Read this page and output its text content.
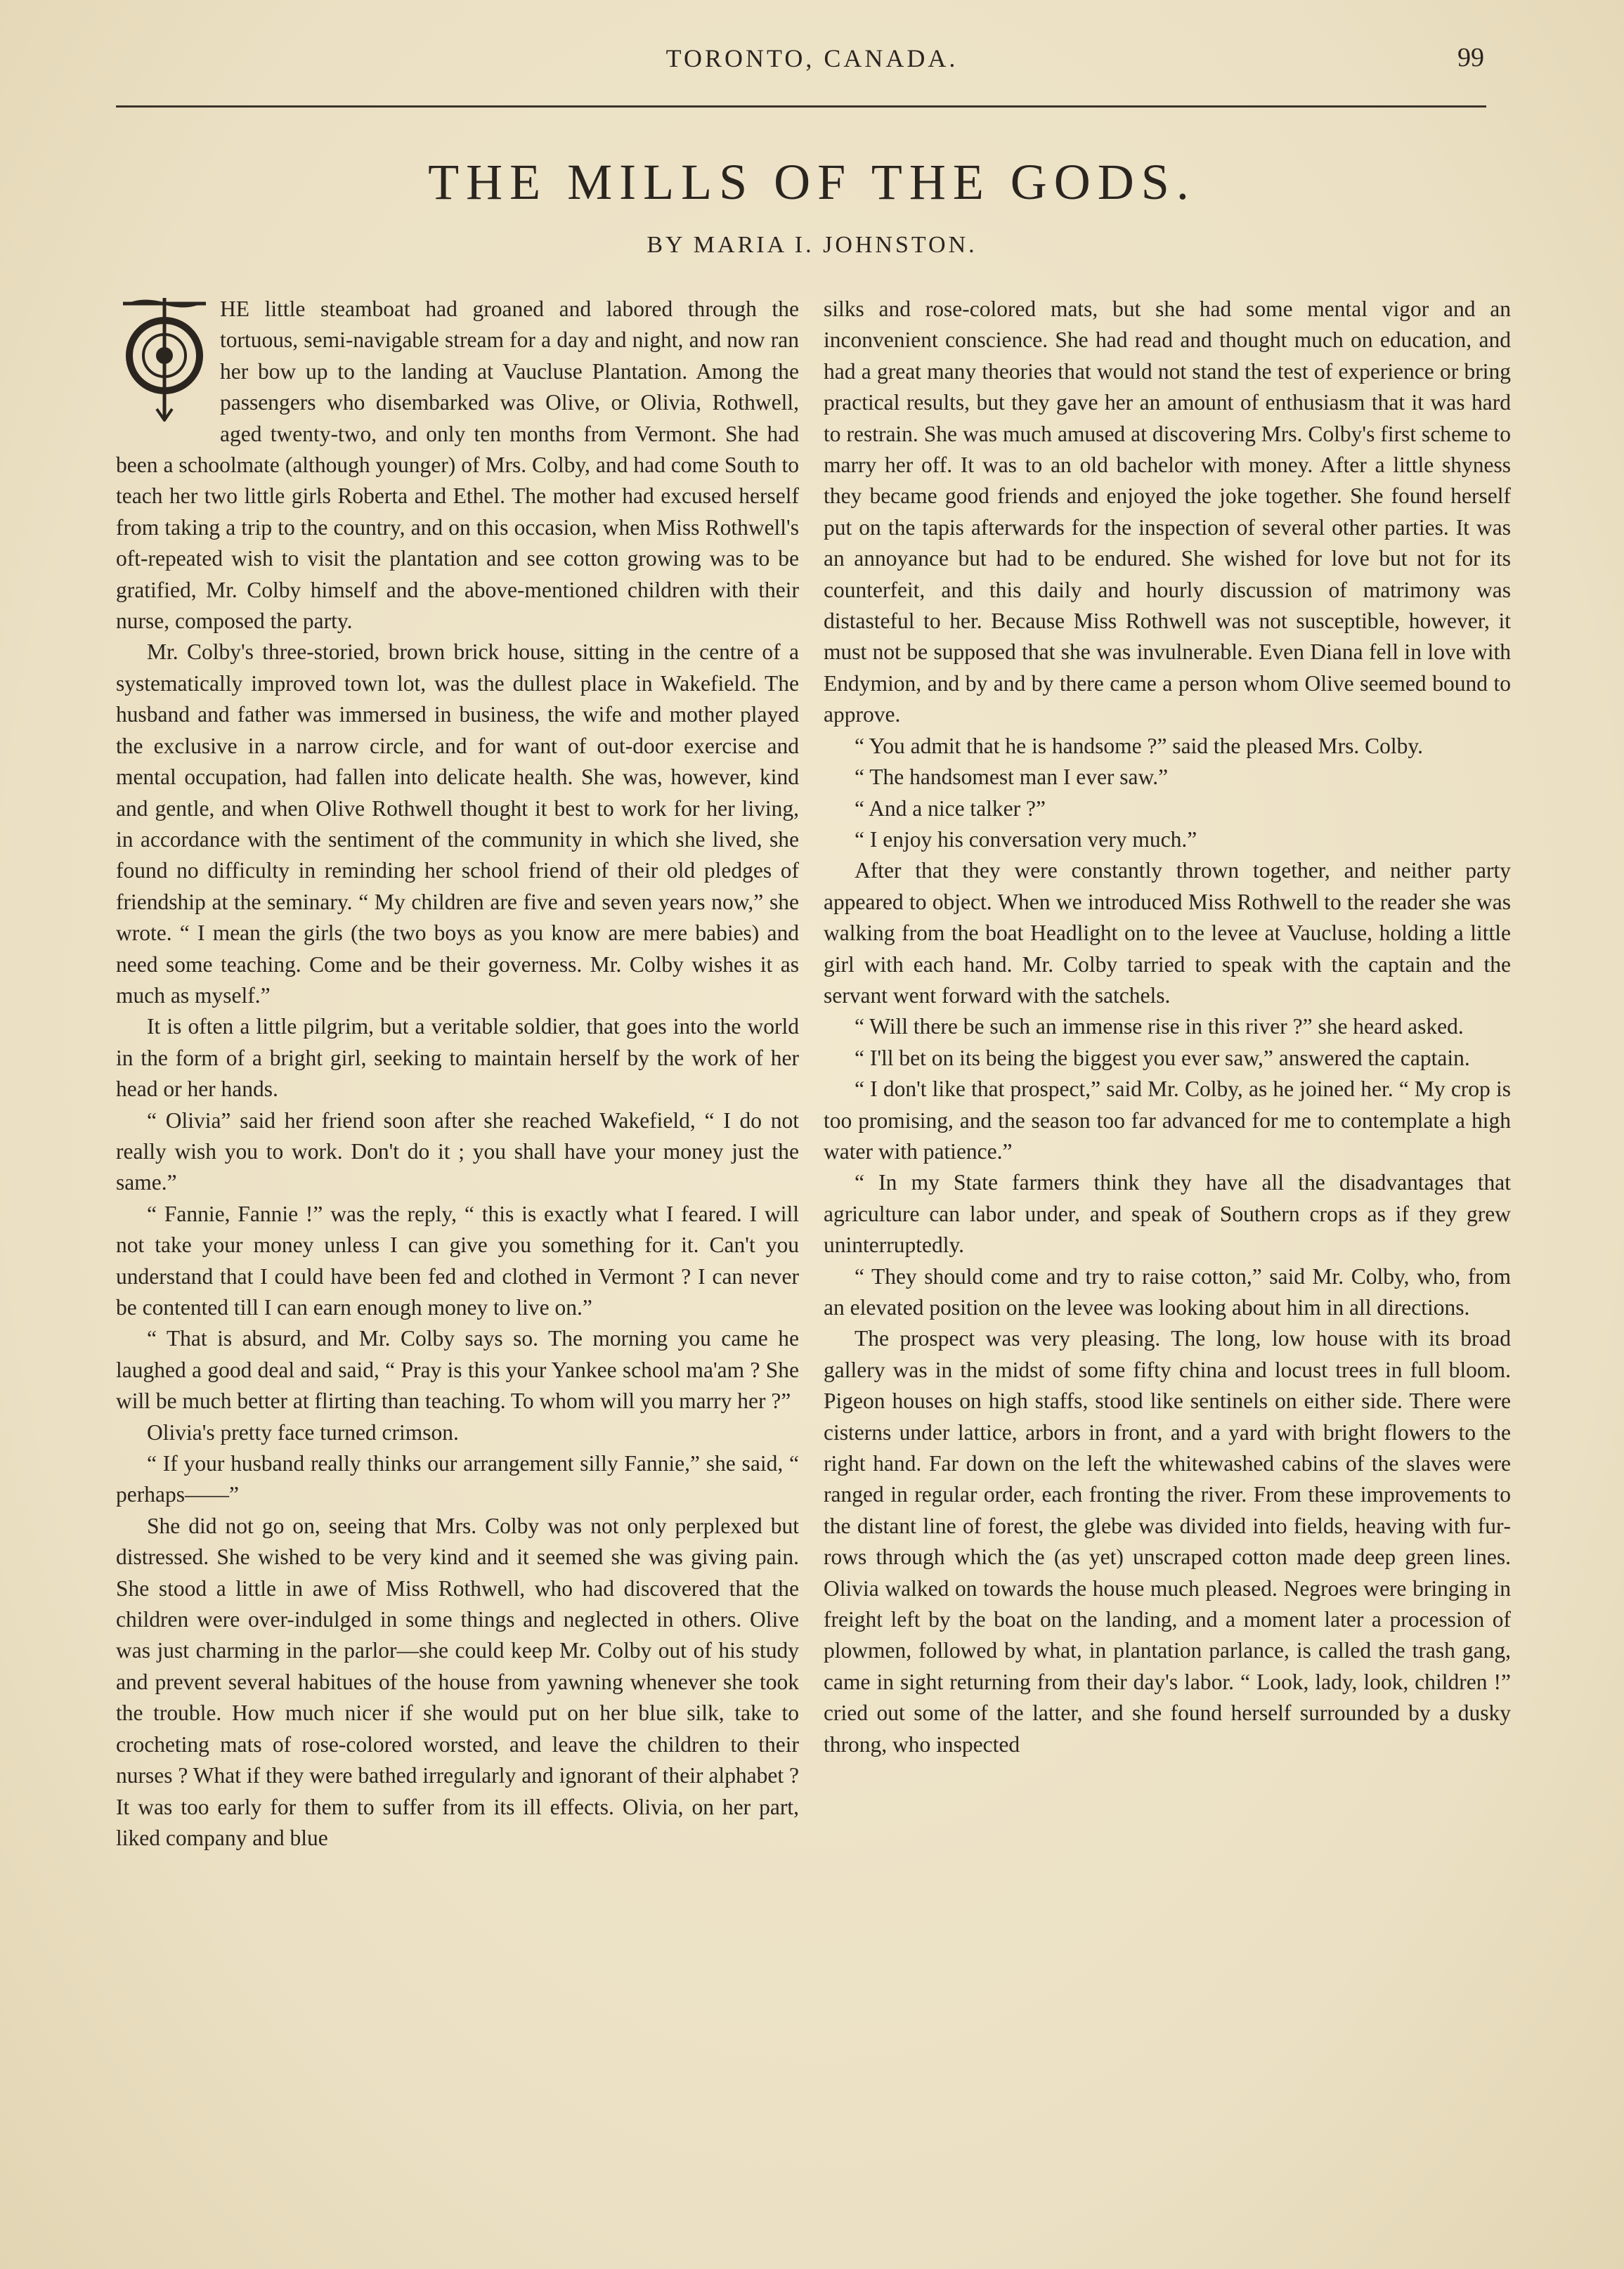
TORONTO, CANADA.	99
THE MILLS OF THE GODS.
BY MARIA I. JOHNSTON.

HE little steamboat had groaned and labored through the tortuous, semi-navigable stream for a day and night, and now ran her bow up to the landing at Vaucluse Plantation. Among the passengers who disembarked was Olive, or Olivia, Rothwell, aged twenty-two, and only ten months from Vermont. She had been a schoolmate (although younger) of Mrs. Colby, and had come South to teach her two little girls Roberta and Ethel. The mother had excused herself from taking a trip to the country, and on this occasion, when Miss Rothwell's oft-repeated wish to visit the plantation and see cotton growing was to be gratified, Mr. Colby himself and the above-mentioned children with their nurse, composed the party.

Mr. Colby's three-storied, brown brick house, sitting in the centre of a systematically improved town lot, was the dullest place in Wakefield. The husband and father was immersed in business, the wife and mother played the exclusive in a narrow circle, and for want of out-door exercise and mental occupation, had fallen into delicate health. She was, however, kind and gentle, and when Olive Rothwell thought it best to work for her living, in accordance with the sentiment of the community in which she lived, she found no difficulty in reminding her school friend of their old pledges of friendship at the seminary. “ My children are five and seven years now,” she wrote. “ I mean the girls (the two boys as you know are mere babies) and need some teaching. Come and be their governess. Mr. Colby wishes it as much as myself.”

It is often a little pilgrim, but a veritable soldier, that goes into the world in the form of a bright girl, seeking to maintain herself by the work of her head or her hands.

“ Olivia” said her friend soon after she reached Wakefield, “ I do not really wish you to work. Don't do it ; you shall have your money just the same.”

“ Fannie, Fannie !” was the reply, “ this is exactly what I feared. I will not take your money unless I can give you something for it. Can't you understand that I could have been fed and clothed in Vermont ? I can never be contented till I can earn enough money to live on.”

“ That is absurd, and Mr. Colby says so. The morning you came he laughed a good deal and said, “ Pray is this your Yankee school ma'am ? She will be much better at flirting than teaching. To whom will you marry her ?”

Olivia's pretty face turned crimson.

“ If your husband really thinks our arrangement silly Fannie,” she said, “ perhaps——”

She did not go on, seeing that Mrs. Colby was not only perplexed but distressed. She wished to be very kind and it seemed she was giving pain. She stood a little in awe of Miss Rothwell, who had discovered that the children were over-indulged in some things and neglected in others. Olive was just charming in the parlor—she could keep Mr. Colby out of his study and prevent several habitues of the house from yawning whenever she took the trouble. How much nicer if she would put on her blue silk, take to crocheting mats of rose-colored worsted, and leave the children to their nurses ? What if they were bathed irregularly and ignorant of their alphabet ? It was too early for them to suffer from its ill effects. Olivia, on her part, liked company and blue

silks and rose-colored mats, but she had some mental vigor and an inconvenient conscience. She had read and thought much on education, and had a great many theories that would not stand the test of experience or bring practical results, but they gave her an amount of enthusiasm that it was hard to restrain. She was much amused at discovering Mrs. Colby's first scheme to marry her off. It was to an old bachelor with money. After a little shyness they became good friends and enjoyed the joke together. She found herself put on the tapis afterwards for the inspection of several other parties. It was an annoyance but had to be endured. She wished for love but not for its counterfeit, and this daily and hourly discussion of matrimony was distasteful to her. Because Miss Rothwell was not susceptible, however, it must not be supposed that she was invulnerable. Even Diana fell in love with Endymion, and by and by there came a person whom Olive seemed bound to approve.

“ You admit that he is handsome ?” said the pleased Mrs. Colby.

“ The handsomest man I ever saw.”

“ And a nice talker ?”

“ I enjoy his conversation very much.”

After that they were constantly thrown together, and neither party appeared to object. When we introduced Miss Rothwell to the reader she was walking from the boat Headlight on to the levee at Vaucluse, holding a little girl with each hand. Mr. Colby tarried to speak with the captain and the servant went forward with the satchels.

“ Will there be such an immense rise in this river ?” she heard asked.

“ I'll bet on its being the biggest you ever saw,” answered the captain.

“ I don't like that prospect,” said Mr. Colby, as he joined her. “ My crop is too promising, and the season too far advanced for me to contemplate a high water with patience.”

“ In my State farmers think they have all the disadvantages that agriculture can labor under, and speak of Southern crops as if they grew uninterruptedly.

“ They should come and try to raise cotton,” said Mr. Colby, who, from an elevated position on the levee was looking about him in all directions.

The prospect was very pleasing. The long, low house with its broad gallery was in the midst of some fifty china and locust trees in full bloom. Pigeon houses on high staffs, stood like sentinels on either side. There were cisterns under lattice, arbors in front, and a yard with bright flowers to the right hand. Far down on the left the whitewashed cabins of the slaves were ranged in regular order, each fronting the river. From these improvements to the distant line of forest, the glebe was divided into fields, heaving with furrows through which the (as yet) unscraped cotton made deep green lines. Olivia walked on towards the house much pleased. Negroes were bringing in freight left by the boat on the landing, and a moment later a procession of plowmen, followed by what, in plantation parlance, is called the trash gang, came in sight returning from their day's labor. “ Look, lady, look, children !” cried out some of the latter, and she found herself surrounded by a dusky throng, who inspected
